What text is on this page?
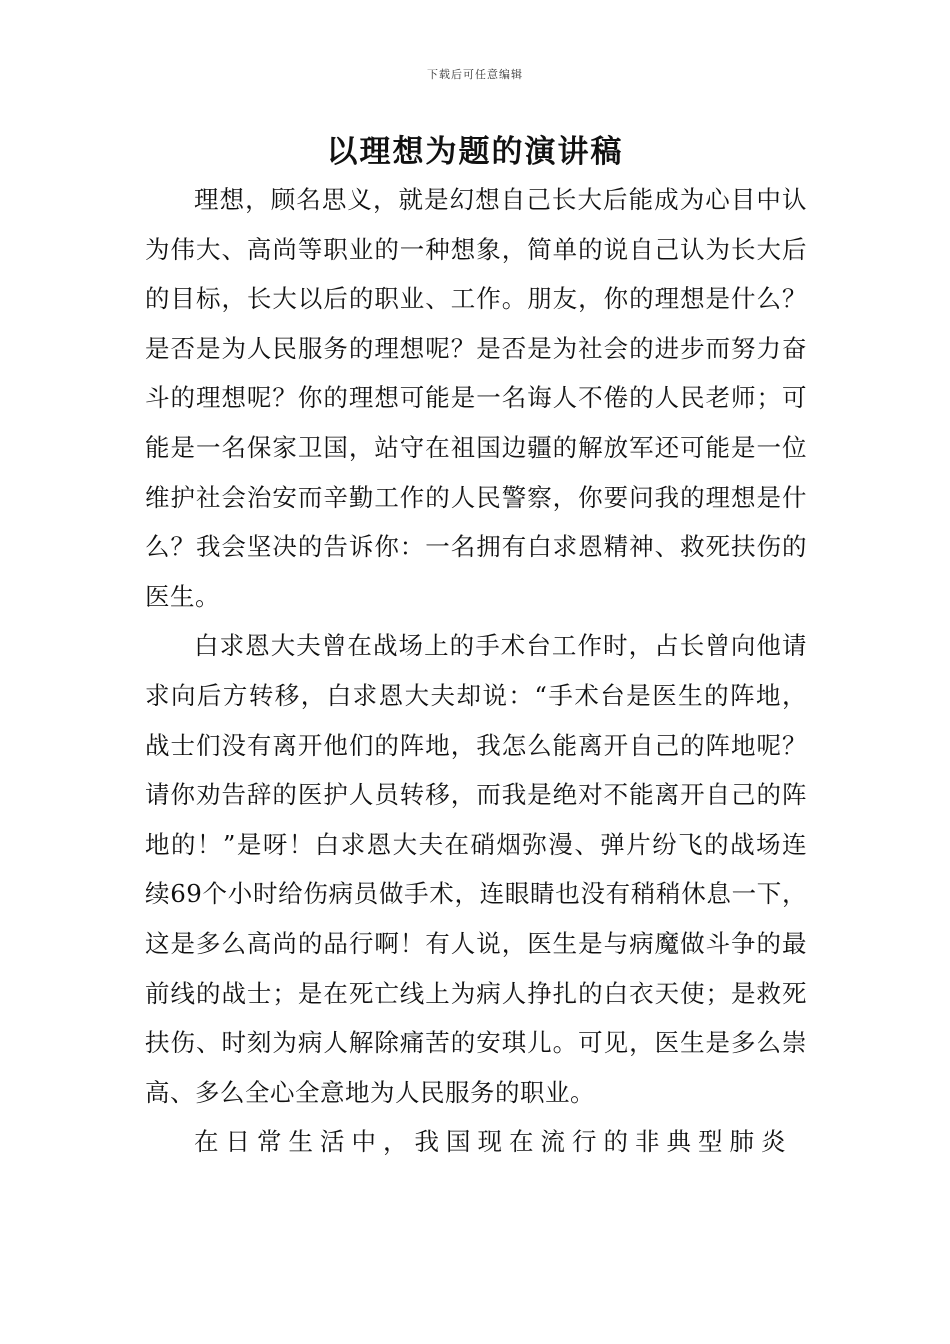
下载后可任意编辑
以理想为题的演讲稿

理想，顾名思义，就是幻想自己长大后能成为心目中认为伟大、高尚等职业的一种想象，简单的说自己认为长大后的目标，长大以后的职业、工作。朋友，你的理想是什么？是否是为人民服务的理想呢？是否是为社会的进步而努力奋斗的理想呢？你的理想可能是一名诲人不倦的人民老师；可能是一名保家卫国，站守在祖国边疆的解放军还可能是一位维护社会治安而辛勤工作的人民警察，你要问我的理想是什么？我会坚决的告诉你：一名拥有白求恩精神、救死扶伤的医生。

白求恩大夫曾在战场上的手术台工作时，占长曾向他请求向后方转移，白求恩大夫却说：“手术台是医生的阵地，战士们没有离开他们的阵地，我怎么能离开自己的阵地呢？请你劝告辞的医护人员转移，而我是绝对不能离开自己的阵地的！”是呀！白求恩大夫在硝烟弥漫、弹片纷飞的战场连续69个小时给伤病员做手术，连眼睛也没有稍稍休息一下，这是多么高尚的品行啊！有人说，医生是与病魔做斗争的最前线的战士；是在死亡线上为病人挣扎的白衣天使；是救死扶伤、时刻为病人解除痛苦的安琪儿。可见，医生是多么崇高、多么全心全意地为人民服务的职业。

在日常生活中，我国现在流行的非典型肺炎
